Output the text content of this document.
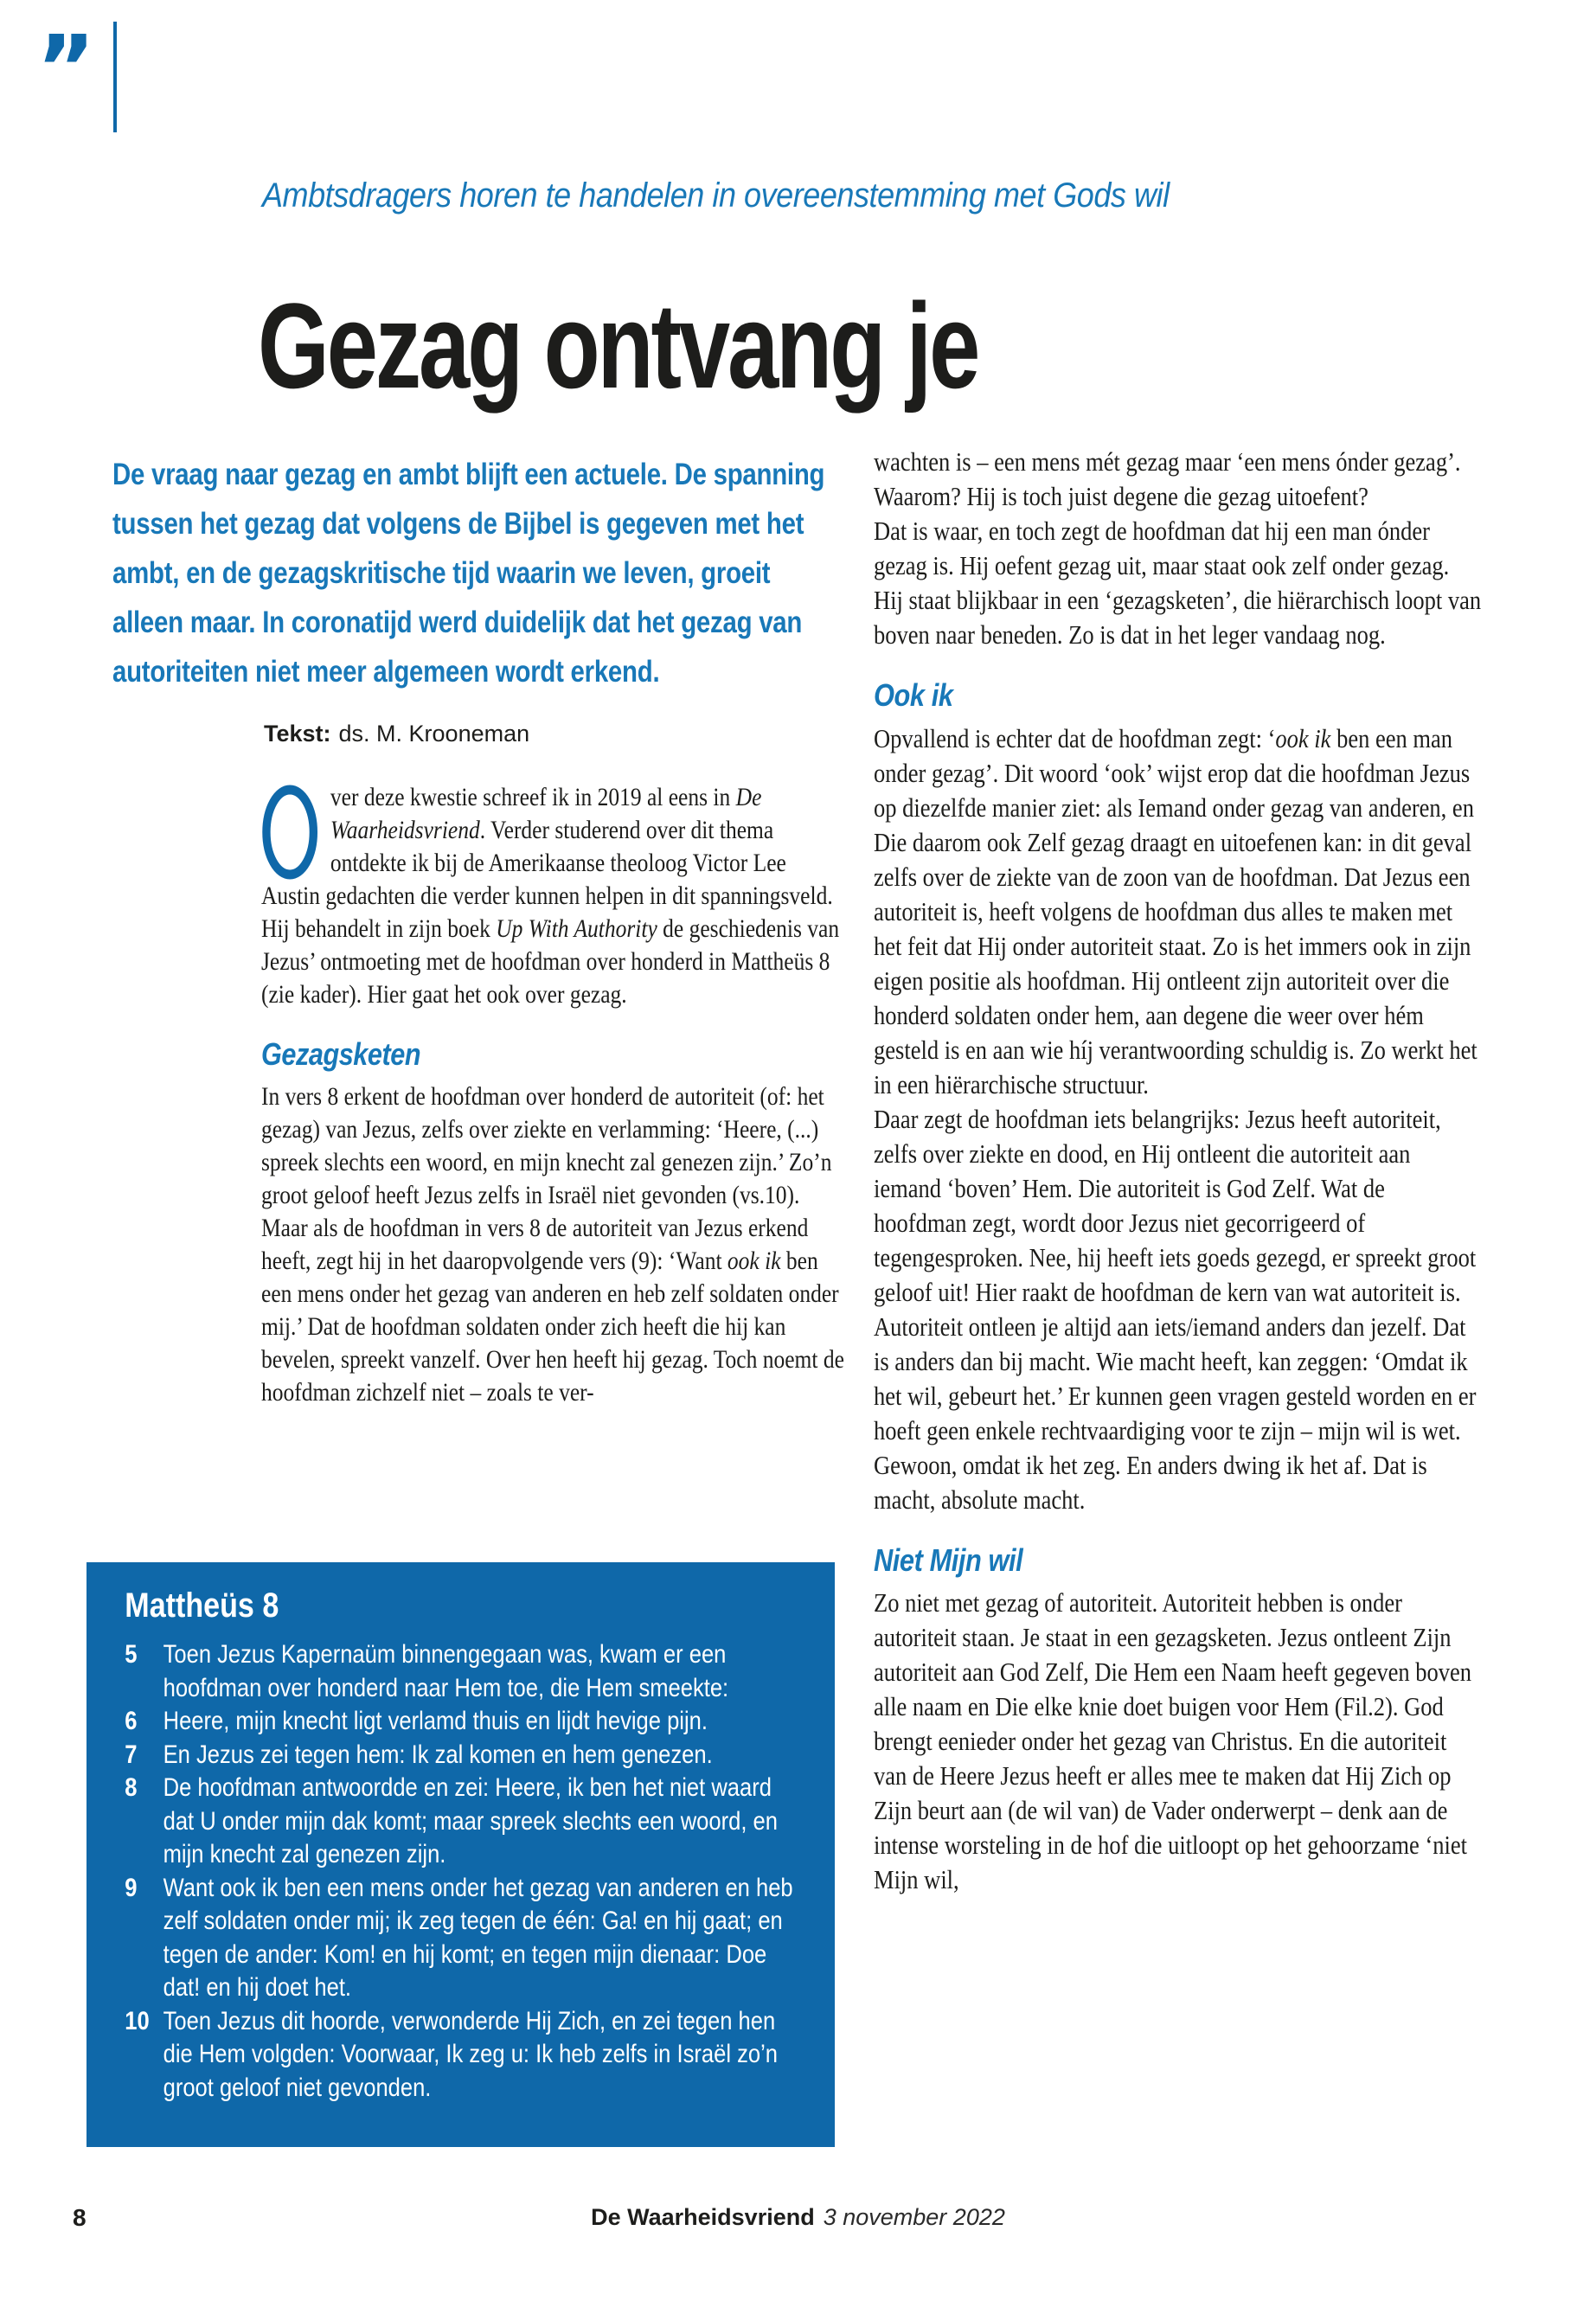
”
Ambtsdragers horen te handelen in overeenstemming met Gods wil
Gezag ontvang je

De vraag naar gezag en ambt blijft een actuele. De spanning tussen het gezag dat volgens de Bijbel is gegeven met het ambt, en de gezagskritische tijd waarin we leven, groeit alleen maar. In coronatijd werd duidelijk dat het gezag van autoriteiten niet meer algemeen wordt erkend.

Tekst: ds. M. Krooneman

ver deze kwestie schreef ik in 2019 al eens in De Waarheidsvriend. Verder studerend over dit thema ontdekte ik bij de Amerikaanse theoloog Victor Lee Austin gedachten die verder kunnen helpen in dit spanningsveld. Hij behandelt in zijn boek Up With Authority de geschiedenis van Jezus’ ontmoeting met de hoofdman over honderd in Mattheüs 8 (zie kader). Hier gaat het ook over gezag.

Gezagsketen

In vers 8 erkent de hoofdman over honderd de autoriteit (of: het gezag) van Jezus, zelfs over ziekte en verlamming: ‘Heere, (...) spreek slechts een woord, en mijn knecht zal genezen zijn.’ Zo’n groot geloof heeft Jezus zelfs in Israël niet gevonden (vs.10). Maar als de hoofdman in vers 8 de autoriteit van Jezus erkend heeft, zegt hij in het daaropvolgende vers (9): ‘Want ook ik ben een mens onder het gezag van anderen en heb zelf soldaten onder mij.’ Dat de hoofdman soldaten onder zich heeft die hij kan bevelen, spreekt vanzelf. Over hen heeft hij gezag. Toch noemt de hoofdman zichzelf niet – zoals te ver-

wachten is – een mens mét gezag maar ‘een mens ónder gezag’. Waarom? Hij is toch juist degene die gezag uitoefent?

Dat is waar, en toch zegt de hoofdman dat hij een man ónder gezag is. Hij oefent gezag uit, maar staat ook zelf onder gezag. Hij staat blijkbaar in een ‘gezagsketen’, die hiërarchisch loopt van boven naar beneden. Zo is dat in het leger vandaag nog.

Ook ik

Opvallend is echter dat de hoofdman zegt: ‘ook ik ben een man onder gezag’. Dit woord ‘ook’ wijst erop dat die hoofdman Jezus op diezelfde manier ziet: als Iemand onder gezag van anderen, en Die daarom ook Zelf gezag draagt en uitoefenen kan: in dit geval zelfs over de ziekte van de zoon van de hoofdman. Dat Jezus een autoriteit is, heeft volgens de hoofdman dus alles te maken met het feit dat Hij onder autoriteit staat. Zo is het immers ook in zijn eigen positie als hoofdman. Hij ontleent zijn autoriteit over die honderd soldaten onder hem, aan degene die weer over hém gesteld is en aan wie híj verantwoording schuldig is. Zo werkt het in een hiërarchische structuur.

Daar zegt de hoofdman iets belangrijks: Jezus heeft autoriteit, zelfs over ziekte en dood, en Hij ontleent die autoriteit aan iemand ‘boven’ Hem. Die autoriteit is God Zelf. Wat de hoofdman zegt, wordt door Jezus niet gecorrigeerd of tegengesproken. Nee, hij heeft iets goeds gezegd, er spreekt groot geloof uit! Hier raakt de hoofdman de kern van wat autoriteit is. Autoriteit ontleen je altijd aan iets/iemand anders dan jezelf. Dat is anders dan bij macht. Wie macht heeft, kan zeggen: ‘Omdat ik het wil, gebeurt het.’ Er kunnen geen vragen gesteld worden en er hoeft geen enkele rechtvaardiging voor te zijn – mijn wil is wet. Gewoon, omdat ik het zeg. En anders dwing ik het af. Dat is macht, absolute macht.

Niet Mijn wil

Zo niet met gezag of autoriteit. Autoriteit hebben is onder autoriteit staan. Je staat in een gezagsketen. Jezus ontleent Zijn autoriteit aan God Zelf, Die Hem een Naam heeft gegeven boven alle naam en Die elke knie doet buigen voor Hem (Fil.2). God brengt eenieder onder het gezag van Christus. En die autoriteit van de Heere Jezus heeft er alles mee te maken dat Hij Zich op Zijn beurt aan (de wil van) de Vader onderwerpt – denk aan de intense worsteling in de hof die uitloopt op het gehoorzame ‘niet Mijn wil,

Mattheüs 8
5	Toen Jezus Kapernaüm binnengegaan was, kwam er een hoofdman over honderd naar Hem toe, die Hem smeekte:
6	Heere, mijn knecht ligt verlamd thuis en lijdt hevige pijn.
7	En Jezus zei tegen hem: Ik zal komen en hem genezen.
8	De hoofdman antwoordde en zei: Heere, ik ben het niet waard dat U onder mijn dak komt; maar spreek slechts een woord, en mijn knecht zal genezen zijn.
9	Want ook ik ben een mens onder het gezag van anderen en heb zelf soldaten onder mij; ik zeg tegen de één: Ga! en hij gaat; en tegen de ander: Kom! en hij komt; en tegen mijn dienaar: Doe dat! en hij doet het.
10 Toen Jezus dit hoorde, verwonderde Hij Zich, en zei tegen hen die Hem volgden: Voorwaar, Ik zeg u: Ik heb zelfs in Israël zo’n groot geloof niet gevonden.
8	De Waarheidsvriend 3 november 2022
